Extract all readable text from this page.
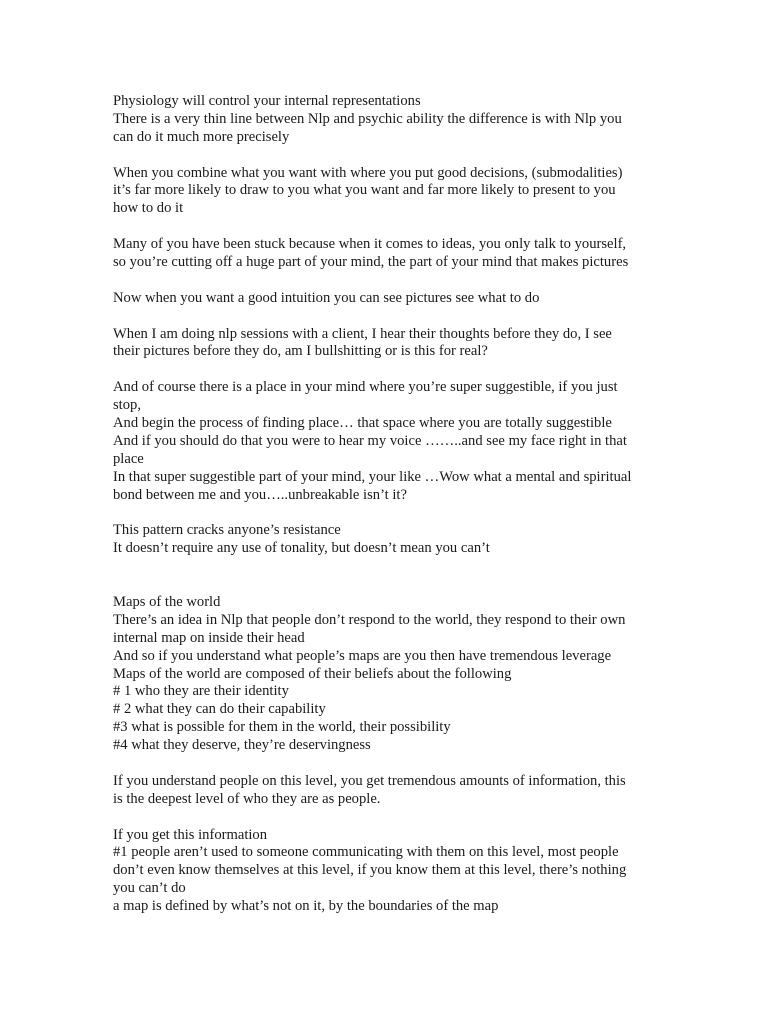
Physiology will control your internal representations
There is a very thin line between Nlp and psychic ability the difference is with Nlp you
can do it much more precisely
When you combine what you want with where you put good decisions, (submodalities)
it’s far more likely to draw to you what you want and far more likely to present to you
how to do it
Many of you have been stuck because when it comes to ideas, you only talk to yourself,
so you’re cutting off a huge part of your mind, the part of your mind that makes pictures
Now when you want a good intuition you can see pictures see what to do
When I am doing nlp sessions with a client, I hear their thoughts before they do, I see
their pictures before they do, am I bullshitting or is this for real?
And of course there is a place in your mind where you’re super suggestible, if you just
stop,
And begin the process of finding place… that space where you are totally suggestible
And if you should do that you were to hear my voice ……..and see my face right in that
place
In that super suggestible part of your mind, your like …Wow what a mental and spiritual
bond between me and you…..unbreakable isn’t it?
This pattern cracks anyone’s resistance
It doesn’t require any use of tonality, but doesn’t mean you can’t
Maps of the world
There’s an idea in Nlp that people don’t respond to the world, they respond to their own
internal map on inside their head
And so if you understand what people’s maps are you then have tremendous leverage
Maps of the world are composed of their beliefs about the following
# 1 who they are their identity
# 2 what they can do their capability
#3 what is possible for them in the world, their possibility
#4 what they deserve, they’re deservingness
If you understand people on this level, you get tremendous amounts of information, this
is the deepest level of who they are as people.
If you get this information
#1 people aren’t used to someone communicating with them on this level, most people
don’t even know themselves at this level, if you know them at this level, there’s nothing
you can’t do
a map is defined by what’s not on it, by the boundaries of the map
